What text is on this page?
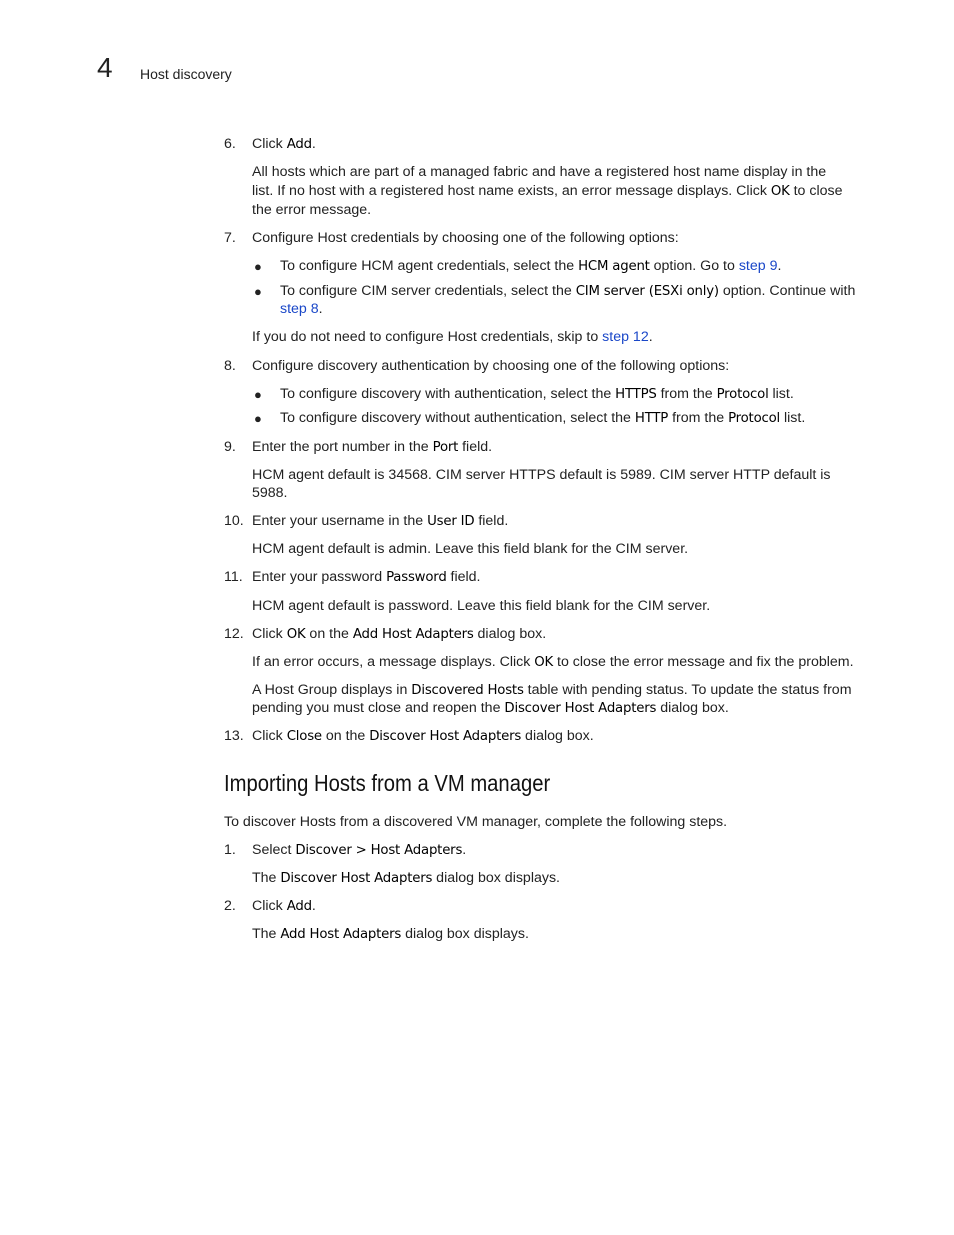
4 Host discovery
6. Click Add.
All hosts which are part of a managed fabric and have a registered host name display in the
list. If no host with a registered host name exists, an error message displays. Click OK to close
the error message.
7. Configure Host credentials by choosing one of the following options:
● To configure HCM agent credentials, select the HCM agent option. Go to step 9.
● To configure CIM server credentials, select the CIM server (ESXi only) option. Continue with
step 8.
If you do not need to configure Host credentials, skip to step 12.
8. Configure discovery authentication by choosing one of the following options:
● To configure discovery with authentication, select the HTTPS from the Protocol list.
● To configure discovery without authentication, select the HTTP from the Protocol list.
9. Enter the port number in the Port field.
HCM agent default is 34568. CIM server HTTPS default is 5989. CIM server HTTP default is
5988.
10. Enter your username in the User ID field.
HCM agent default is admin. Leave this field blank for the CIM server.
11. Enter your password Password field.
HCM agent default is password. Leave this field blank for the CIM server.
12. Click OK on the Add Host Adapters dialog box.
If an error occurs, a message displays. Click OK to close the error message and fix the problem.
A Host Group displays in Discovered Hosts table with pending status. To update the status from
pending you must close and reopen the Discover Host Adapters dialog box.
13. Click Close on the Discover Host Adapters dialog box.
To discover Hosts from a discovered VM manager, complete the following steps.
1. Select Discover > Host Adapters.
The Discover Host Adapters dialog box displays.
2. Click Add.
The Add Host Adapters dialog box displays.
Importing Hosts from a VM manager
